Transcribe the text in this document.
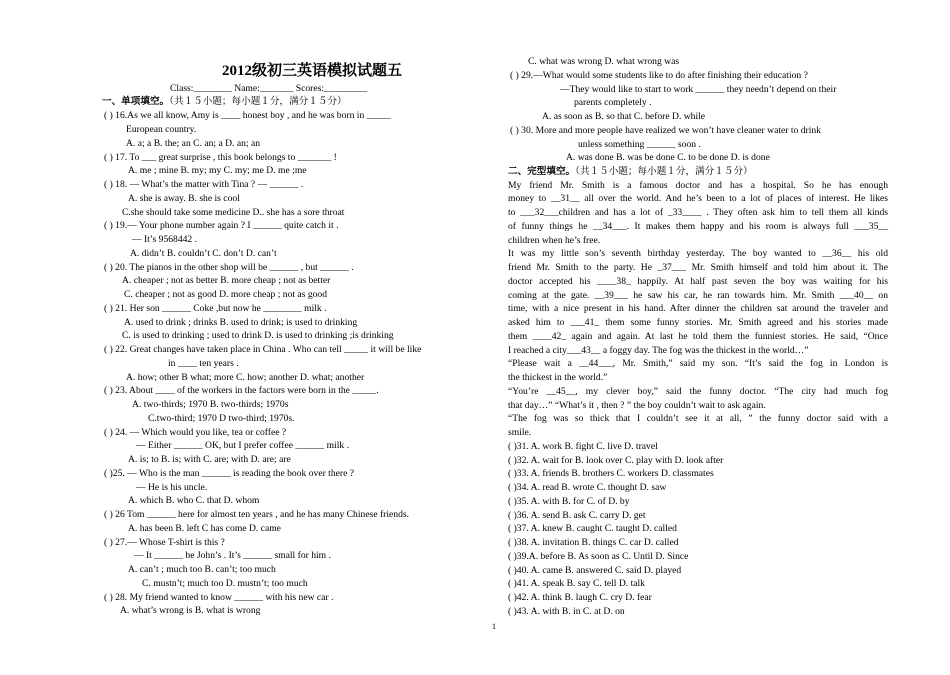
2012级初三英语模拟试题五
Class:________ Name:_______ Scores:_________
一、单项填空。（共１５小题；每小题１分，满分１５分）
( ) 16.As we all know, Amy is ____ honest boy , and he was born in _____
European country.
A. a; a B. the; an C. an; a D. an; an
( ) 17. To ___ great surprise , this book belongs to _______ !
A. me ; mine B. my; my C. my; me D. me ;me
( ) 18. — What’s the matter with Tina ? — ______ .
A. she is away. B. she is cool
C.she should take some medicine D.. she has a sore throat
( ) 19.— Your phone number again ? I ______ quite catch it .
— It’s 9568442 .
A. didn’t B. couldn’t C. don’t D. can’t
( ) 20. The pianos in the other shop will be ______ , but ______ .
A. cheaper ; not as better B. more cheap ; not as better
C. cheaper ; not as good D. more cheap ; not as good
( ) 21. Her son ______ Coke ,but now he ________ milk .
A. used to drink ; drinks B. used to drink; is used to drinking
C. is used to drinking ; used to drink D. is used to drinking ;is drinking
( ) 22. Great changes have taken place in China . Who can tell _____ it will be like
in ____ ten years .
A. how; other B what; more C. how; another D. what; another
( ) 23. About ____ of the workers in the factors were born in the _____.
A. two-thirds; 1970 B. two-thirds; 1970s
C.two-third; 1970 D two-third; 1970s.
( ) 24. — Which would you like, tea or coffee ?
— Either ______ OK, but I prefer coffee ______ milk .
A. is; to B. is; with C. are; with D. are; are
( )25. — Who is the man ______ is reading the book over there ?
— He is his uncle.
A. which B. who C. that D. whom
( ) 26 Tom ______ here for almost ten years , and he has many Chinese friends.
A. has been B. left C has come D. came
( ) 27.— Whose T-shirt is this ?
— It ______ be John’s . It’s ______ small for him .
A. can’t ; much too B. can’t; too much
C. mustn’t; much too D. mustn’t; too much
( ) 28. My friend wanted to know ______ with his new car .
A. what’s wrong is B. what is wrong
C. what was wrong D. what wrong was
( ) 29.—What would some students like to do after finishing their education ?
—They would like to start to work ______ they needn’t depend on their
parents completely .
A. as soon as B. so that C. before D. while
( ) 30. More and more people have realized we won’t have cleaner water to drink
unless something ______ soon .
A. was done B. was be done C. to be done D. is done
二、完型填空。（共１５小题；每小题１分，满分１５分）
My friend Mr. Smith is a famous doctor and has a hospital. So he has enough
money to __31__ all over the world. And he’s been to a lot of places of interest. He likes
to ___32___children and has a lot of _33____ . They often ask him to tell them all kinds
of funny things he __34___. It makes them happy and his room is always full ___35__
children when he’s free.
It was my little son’s seventh birthday yesterday. The boy wanted to __36__ his old
friend Mr. Smith to the party. He _37___ Mr. Smith himself and told him about it. The
doctor accepted his ____38_ happily. At half past seven the boy was waiting for his
coming at the gate. __39___ he saw his car, he ran towards him. Mr. Smith ___40__ on
time, with a nice present in his hand. After dinner the children sat around the traveler and
asked him to ___41_ them some funny stories. Mr. Smith agreed and his stories made
them ____42_ again and again. At last he told them the funniest stories. He said, “Once
I reached a city___43__ a foggy day. The fog was the thickest in the world…”
“Please wait a __44___, Mr. Smith,” said my son. “It’s said the fog in London is
the thickest in the world.”
“You’re __45__, my clever boy,” said the funny doctor. “The city had much fog
that day…” “What’s it , then ? ” the boy couldn’t wait to ask again.
“The fog was so thick that I couldn’t see it at all, ” the funny doctor said with a
smile.
( )31. A. work B. fight C. live D. travel
( )32. A. wait for B. look over C. play with D. look after
( )33. A. friends B. brothers C. workers D. classmates
( )34. A. read B. wrote C. thought D. saw
( )35. A. with B. for C. of D. by
( )36. A. send B. ask C. carry D. get
( )37. A. knew B. caught C. taught D. called
( )38. A. invitation B. things C. car D. called
( )39.A. before B. As soon as C. Until D. Since
( )40. A. came B. answered C. said D. played
( )41. A. speak B. say C. tell D. talk
( )42. A. think B. laugh C. cry D. fear
( )43. A. with B. in C. at D. on
1
